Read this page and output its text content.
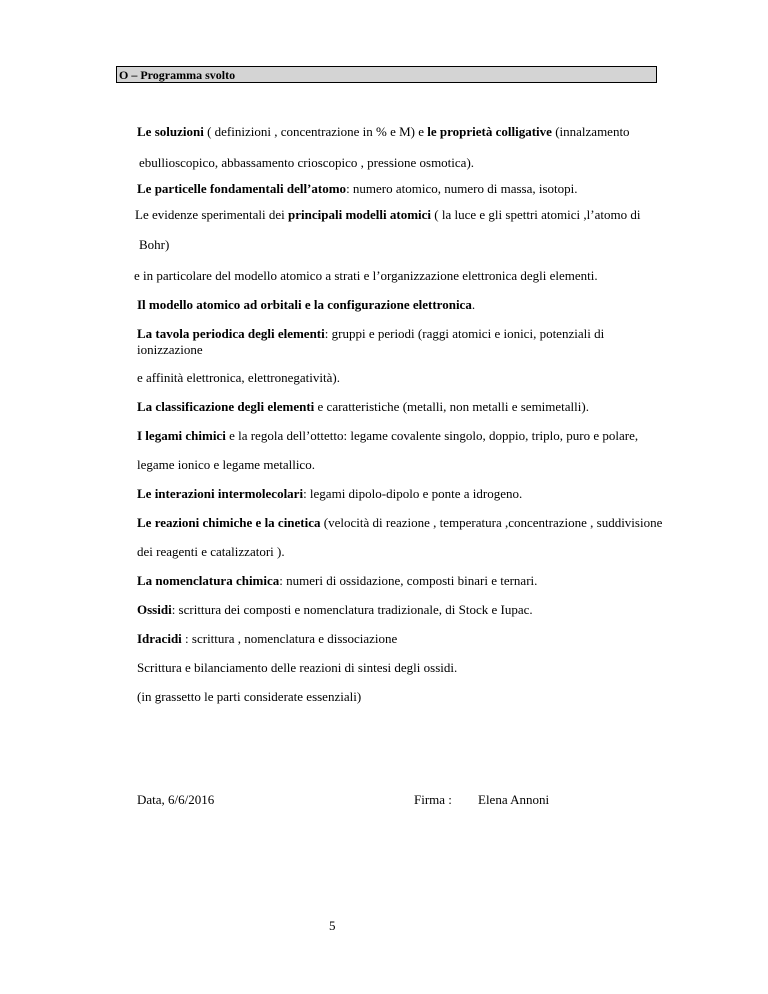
O – Programma svolto
Le soluzioni ( definizioni , concentrazione in % e M) e le proprietà colligative (innalzamento
ebullioscopico, abbassamento crioscopico , pressione osmotica).
Le particelle fondamentali dell’atomo: numero atomico, numero di massa, isotopi.
Le evidenze sperimentali dei principali modelli atomici ( la luce e gli spettri atomici ,l’atomo di
Bohr)
e in particolare del modello atomico a strati e l’organizzazione elettronica degli elementi.
Il modello atomico ad orbitali e la configurazione elettronica.
La tavola periodica degli elementi: gruppi e periodi (raggi atomici e ionici, potenziali di ionizzazione
e affinità elettronica, elettronegatività).
La classificazione degli elementi e caratteristiche (metalli, non metalli e semimetalli).
I legami chimici e la regola dell’ottetto: legame covalente singolo, doppio, triplo, puro e polare,
legame ionico e legame metallico.
Le interazioni intermolecolari: legami dipolo-dipolo e ponte a idrogeno.
Le reazioni chimiche e la cinetica (velocità di reazione , temperatura ,concentrazione , suddivisione
dei reagenti e catalizzatori ).
La nomenclatura chimica: numeri di ossidazione, composti binari e ternari.
Ossidi: scrittura dei composti e nomenclatura tradizionale, di Stock e Iupac.
Idracidi : scrittura , nomenclatura e dissociazione
Scrittura e bilanciamento delle reazioni di sintesi degli ossidi.
(in grassetto le parti considerate essenziali)
Data, 6/6/2016	Firma : Elena Annoni
5
